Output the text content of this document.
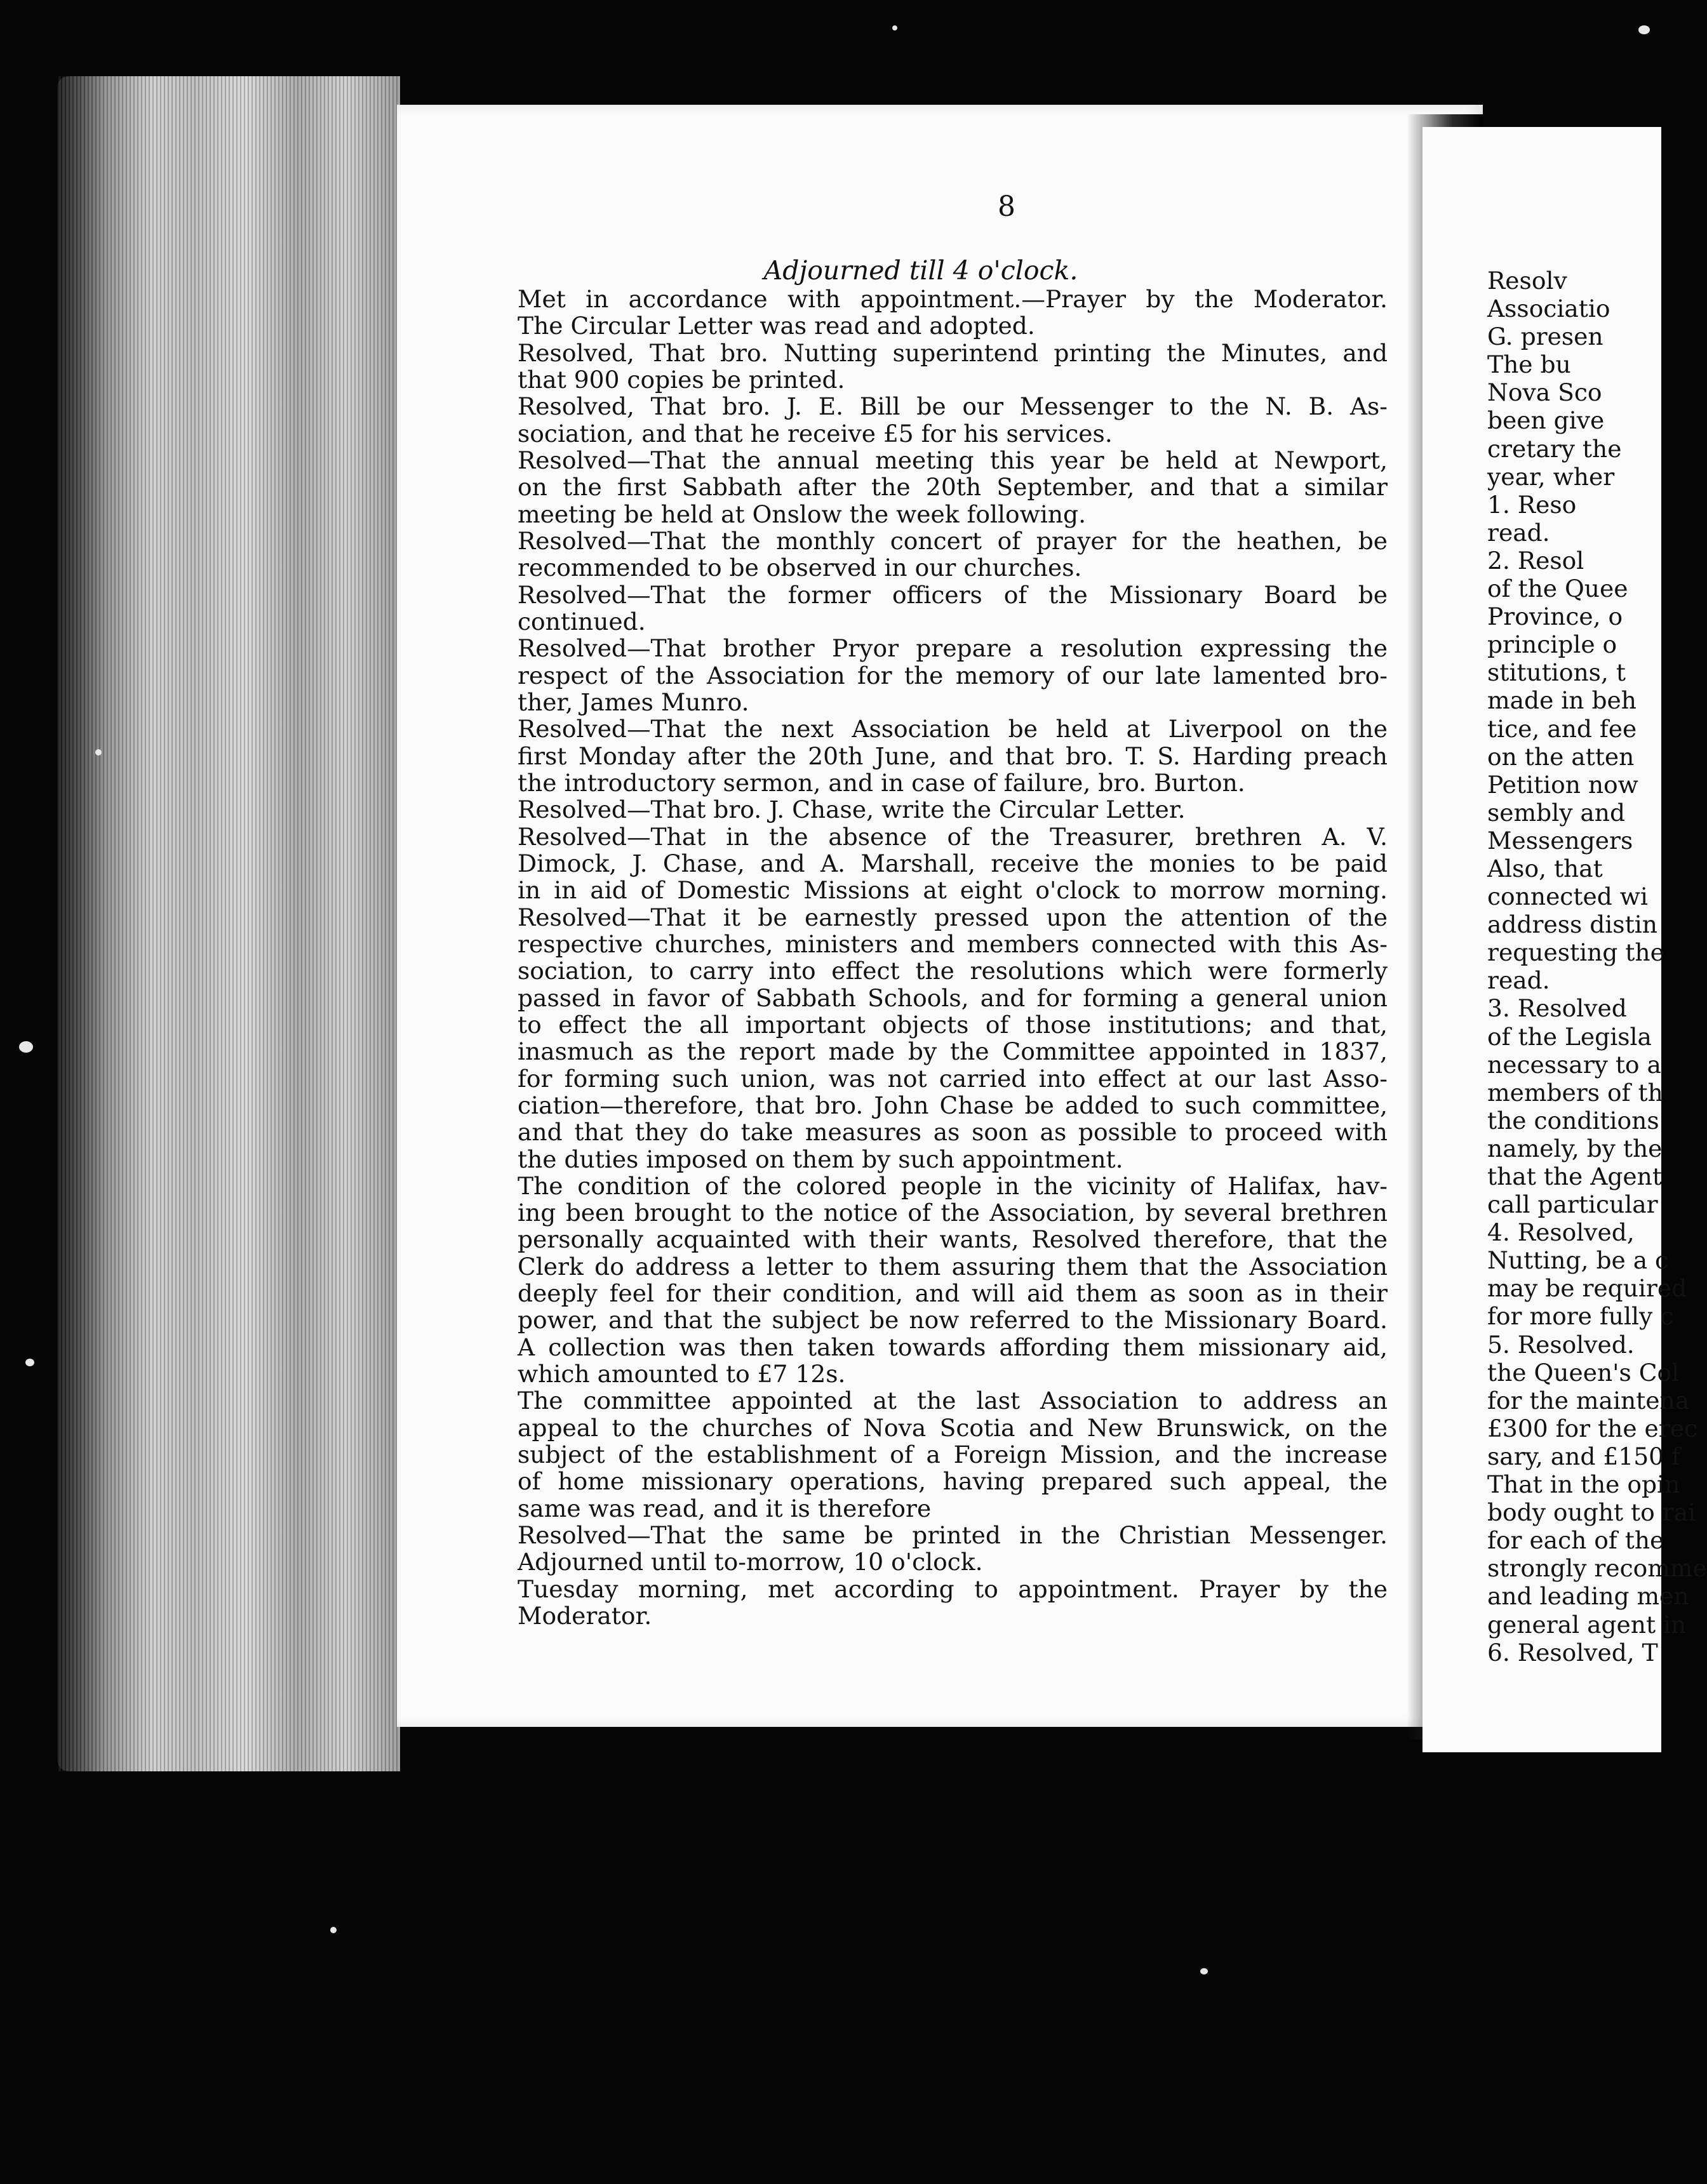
8
Adjourned till 4 o'clock.
Met in accordance with appointment.—Prayer by the Moderator.
The Circular Letter was read and adopted.
Resolved, That bro. Nutting superintend printing the Minutes, and
that 900 copies be printed.
Resolved, That bro. J. E. Bill be our Messenger to the N. B. As-
sociation, and that he receive £5 for his services.
Resolved—That the annual meeting this year be held at Newport,
on the first Sabbath after the 20th September, and that a similar
meeting be held at Onslow the week following.
Resolved—That the monthly concert of prayer for the heathen, be
recommended to be observed in our churches.
Resolved—That the former officers of the Missionary Board be
continued.
Resolved—That brother Pryor prepare a resolution expressing the
respect of the Association for the memory of our late lamented bro-
ther, James Munro.
Resolved—That the next Association be held at Liverpool on the
first Monday after the 20th June, and that bro. T. S. Harding preach
the introductory sermon, and in case of failure, bro. Burton.
Resolved—That bro. J. Chase, write the Circular Letter.
Resolved—That in the absence of the Treasurer, brethren A. V.
Dimock, J. Chase, and A. Marshall, receive the monies to be paid
in in aid of Domestic Missions at eight o'clock to morrow morning.
Resolved—That it be earnestly pressed upon the attention of the
respective churches, ministers and members connected with this As-
sociation, to carry into effect the resolutions which were formerly
passed in favor of Sabbath Schools, and for forming a general union
to effect the all important objects of those institutions; and that,
inasmuch as the report made by the Committee appointed in 1837,
for forming such union, was not carried into effect at our last Asso-
ciation—therefore, that bro. John Chase be added to such committee,
and that they do take measures as soon as possible to proceed with
the duties imposed on them by such appointment.
The condition of the colored people in the vicinity of Halifax, hav-
ing been brought to the notice of the Association, by several brethren
personally acquainted with their wants, Resolved therefore, that the
Clerk do address a letter to them assuring them that the Association
deeply feel for their condition, and will aid them as soon as in their
power, and that the subject be now referred to the Missionary Board.
A collection was then taken towards affording them missionary aid,
which amounted to £7 12s.
The committee appointed at the last Association to address an
appeal to the churches of Nova Scotia and New Brunswick, on the
subject of the establishment of a Foreign Mission, and the increase
of home missionary operations, having prepared such appeal, the
same was read, and it is therefore
Resolved—That the same be printed in the Christian Messenger.
Adjourned until to-morrow, 10 o'clock.
Tuesday morning, met according to appointment. Prayer by the
Moderator.
Resolv
Associatio
G. presen
The bu
Nova Sco
been give
cretary the
year, wher
1. Reso
read.
2. Resol
of the Quee
Province, o
principle o
stitutions, t
made in beh
tice, and fee
on the atten
Petition now
sembly and
Messengers
Also, that
connected wi
address distin
requesting the
read.
3. Resolved
of the Legisla
necessary to a
members of th
the conditions
namely, by the
that the Agent
call particular
4. Resolved,
Nutting, be a c
may be required
for more fully c
5. Resolved.
the Queen's Col
for the maintena
£300 for the erec
sary, and £150 f
That in the opin
body ought to rai
for each of the
strongly recomme
and leading men
general agent in
6. Resolved, T
